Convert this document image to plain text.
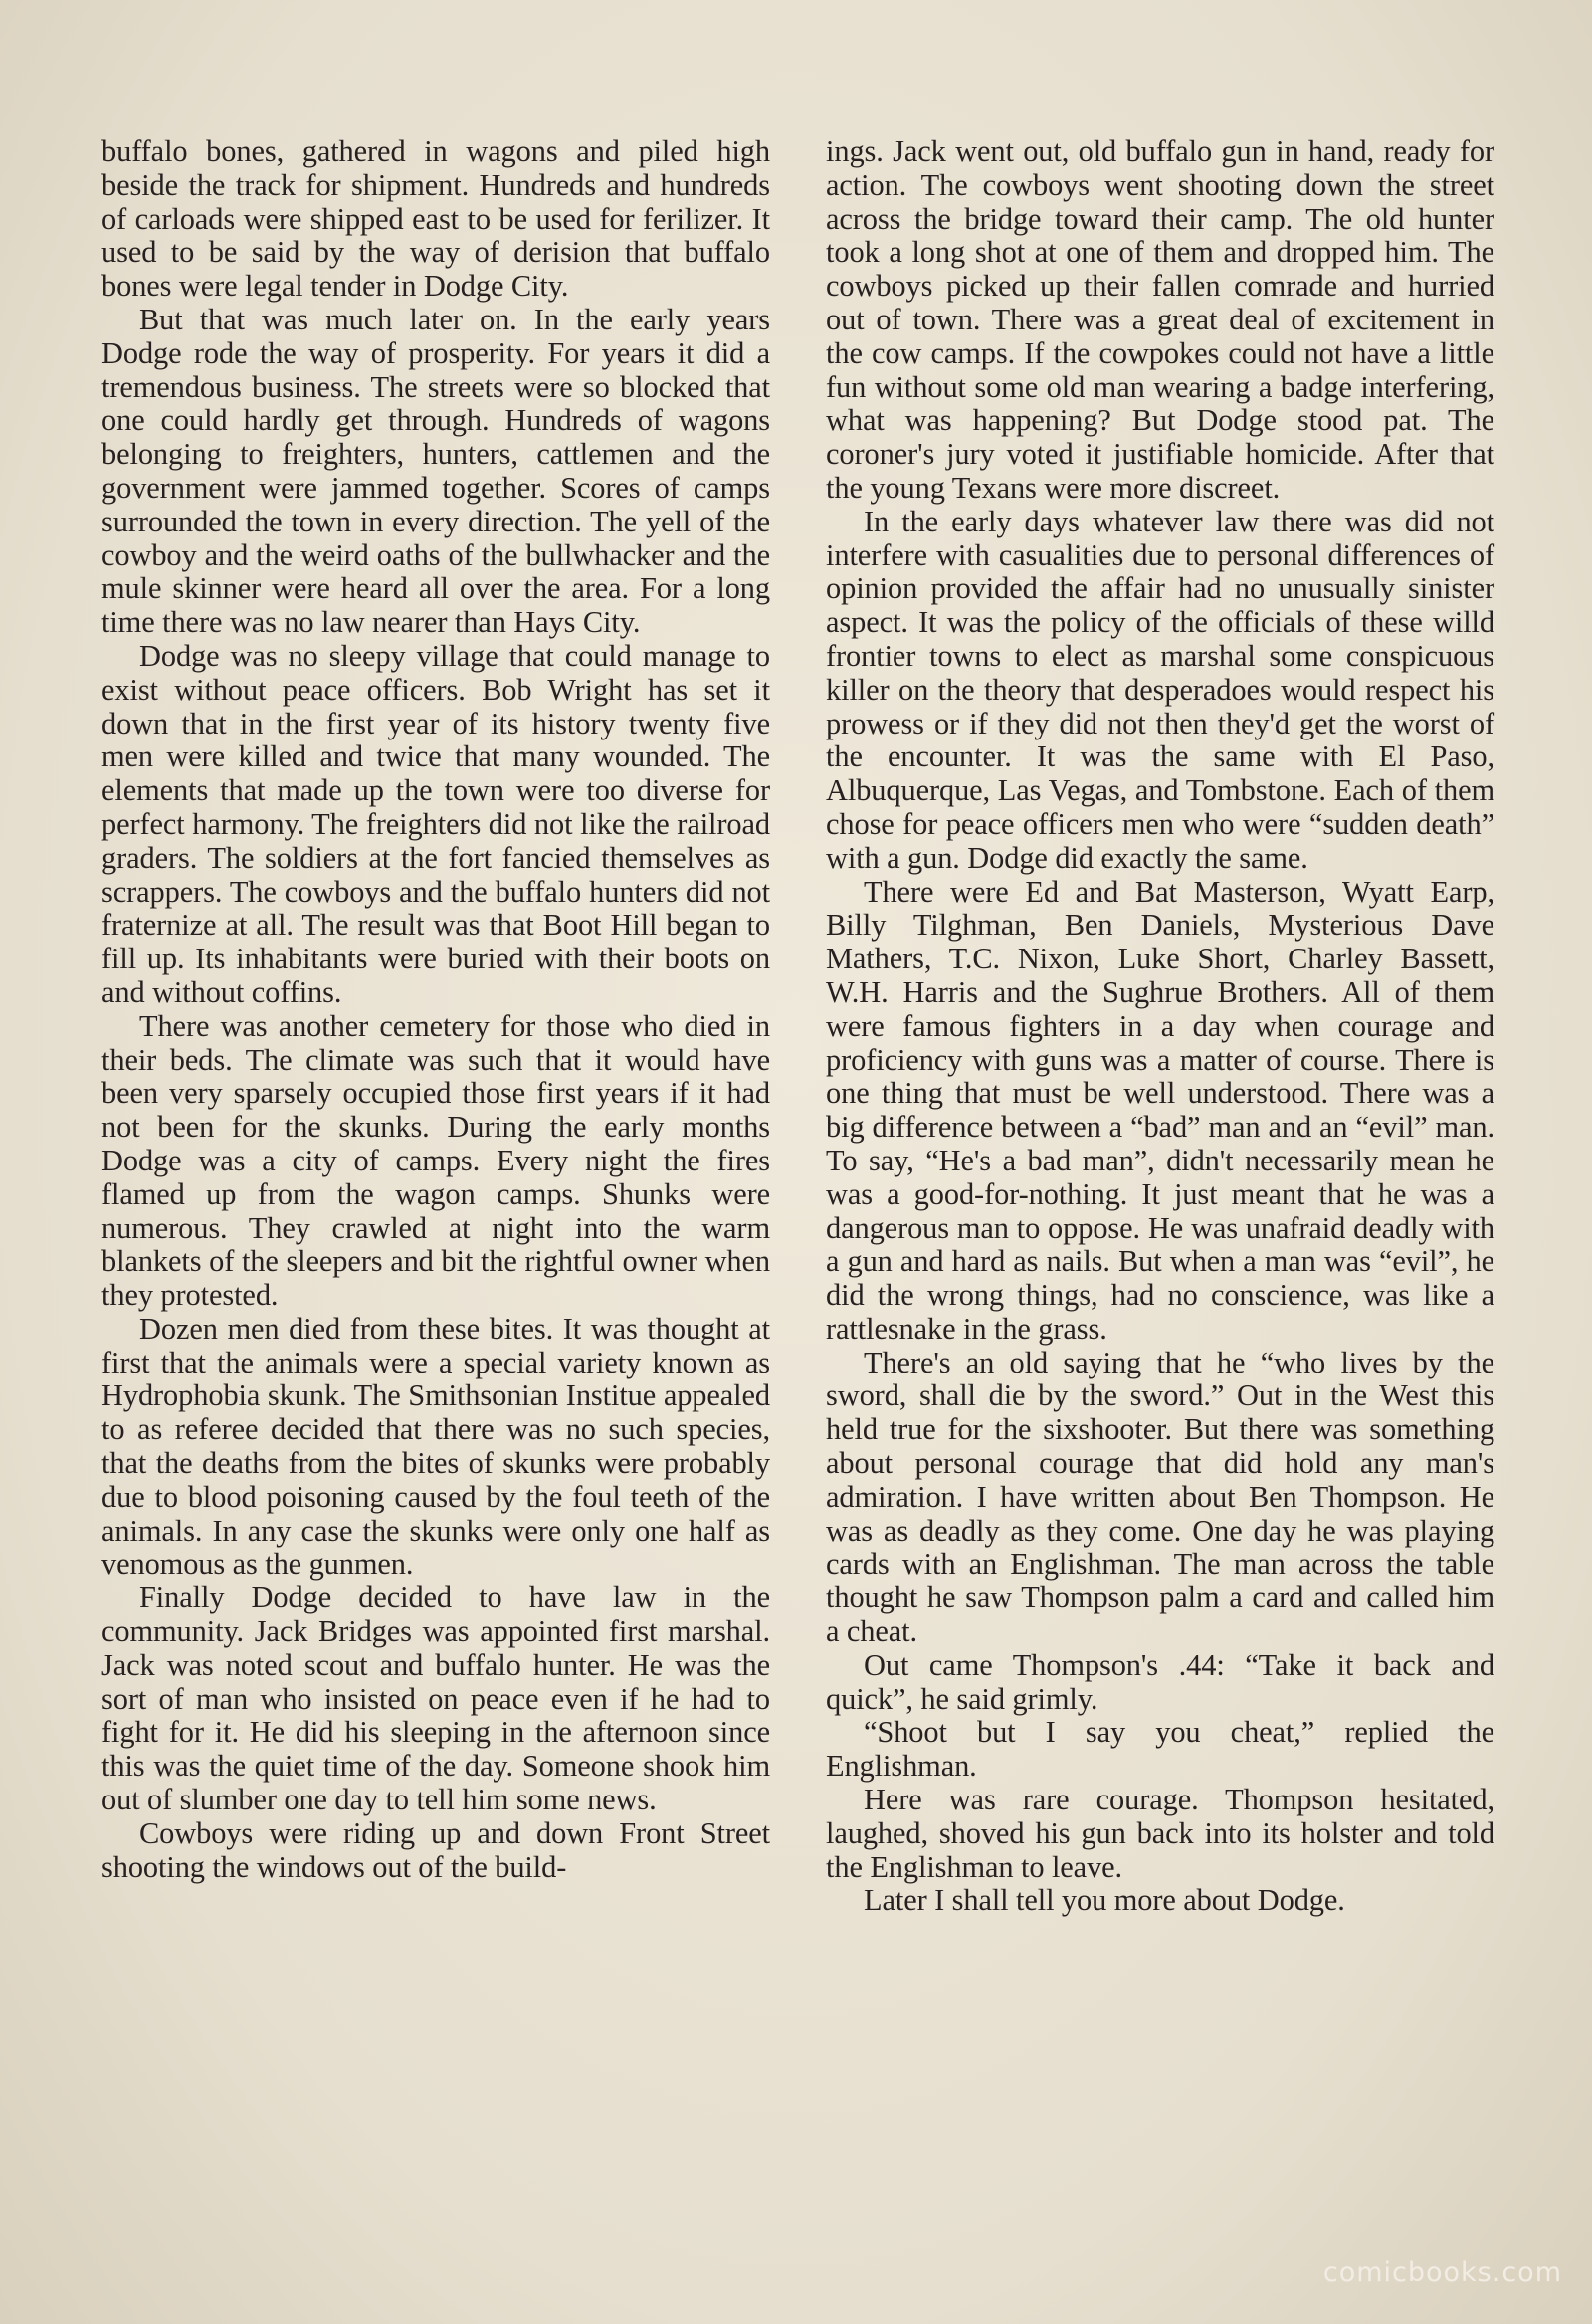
buffalo bones, gathered in wagons and piled high beside the track for shipment. Hundreds and hundreds of carloads were shipped east to be used for ferilizer. It used to be said by the way of derision that buffalo bones were legal tender in Dodge City.

But that was much later on. In the early years Dodge rode the way of prosperity. For years it did a tremendous business. The streets were so blocked that one could hardly get through. Hundreds of wagons belonging to freighters, hunters, cattlemen and the government were jammed together. Scores of camps surrounded the town in every direction. The yell of the cowboy and the weird oaths of the bullwhacker and the mule skinner were heard all over the area. For a long time there was no law nearer than Hays City.

Dodge was no sleepy village that could manage to exist without peace officers. Bob Wright has set it down that in the first year of its history twenty five men were killed and twice that many wounded. The elements that made up the town were too diverse for perfect harmony. The freighters did not like the railroad graders. The soldiers at the fort fancied themselves as scrappers. The cowboys and the buffalo hunters did not fraternize at all. The result was that Boot Hill began to fill up. Its inhabitants were buried with their boots on and without coffins.

There was another cemetery for those who died in their beds. The climate was such that it would have been very sparsely occupied those first years if it had not been for the skunks. During the early months Dodge was a city of camps. Every night the fires flamed up from the wagon camps. Shunks were numerous. They crawled at night into the warm blankets of the sleepers and bit the rightful owner when they protested.

Dozen men died from these bites. It was thought at first that the animals were a special variety known as Hydrophobia skunk. The Smithsonian Institue appealed to as referee decided that there was no such species, that the deaths from the bites of skunks were probably due to blood poisoning caused by the foul teeth of the animals. In any case the skunks were only one half as venomous as the gunmen.

Finally Dodge decided to have law in the community. Jack Bridges was appointed first marshal. Jack was noted scout and buffalo hunter. He was the sort of man who insisted on peace even if he had to fight for it. He did his sleeping in the afternoon since this was the quiet time of the day. Someone shook him out of slumber one day to tell him some news.

Cowboys were riding up and down Front Street shooting the windows out of the build-

ings. Jack went out, old buffalo gun in hand, ready for action. The cowboys went shooting down the street across the bridge toward their camp. The old hunter took a long shot at one of them and dropped him. The cowboys picked up their fallen comrade and hurried out of town. There was a great deal of excitement in the cow camps. If the cowpokes could not have a little fun without some old man wearing a badge interfering, what was happening? But Dodge stood pat. The coroner's jury voted it justifiable homicide. After that the young Texans were more discreet.

In the early days whatever law there was did not interfere with casualities due to personal differences of opinion provided the affair had no unusually sinister aspect. It was the policy of the officials of these willd frontier towns to elect as marshal some conspicuous killer on the theory that desperadoes would respect his prowess or if they did not then they'd get the worst of the encounter. It was the same with El Paso, Albuquerque, Las Vegas, and Tombstone. Each of them chose for peace officers men who were “sudden death” with a gun. Dodge did exactly the same.

There were Ed and Bat Masterson, Wyatt Earp, Billy Tilghman, Ben Daniels, Mysterious Dave Mathers, T.C. Nixon, Luke Short, Charley Bassett, W.H. Harris and the Sughrue Brothers. All of them were famous fighters in a day when courage and proficiency with guns was a matter of course. There is one thing that must be well understood. There was a big difference between a “bad” man and an “evil” man. To say, “He's a bad man”, didn't necessarily mean he was a good-for-nothing. It just meant that he was a dangerous man to oppose. He was unafraid deadly with a gun and hard as nails. But when a man was “evil”, he did the wrong things, had no conscience, was like a rattlesnake in the grass.

There's an old saying that he “who lives by the sword, shall die by the sword.” Out in the West this held true for the sixshooter. But there was something about personal courage that did hold any man's admiration. I have written about Ben Thompson. He was as deadly as they come. One day he was playing cards with an Englishman. The man across the table thought he saw Thompson palm a card and called him a cheat.

Out came Thompson's .44: “Take it back and quick”, he said grimly.

“Shoot but I say you cheat,” replied the Englishman.

Here was rare courage. Thompson hesitated, laughed, shoved his gun back into its holster and told the Englishman to leave.

Later I shall tell you more about Dodge.

comicbooks.com
